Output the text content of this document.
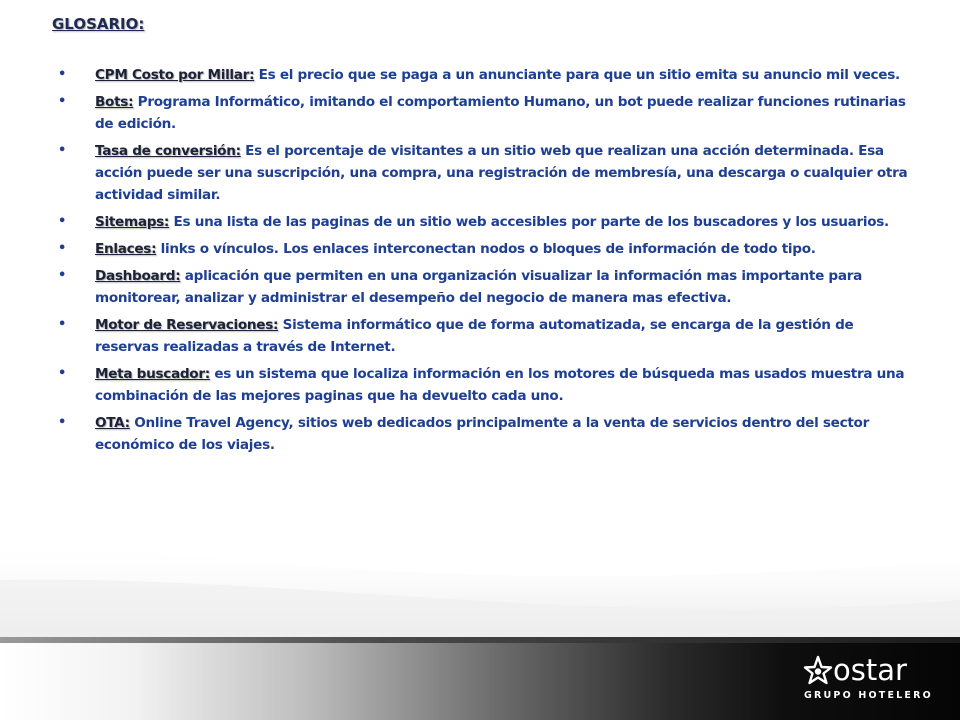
GLOSARIO:
• CPM Costo por Millar: Es el precio que se paga a un anunciante para que un sitio emita su anuncio mil veces.
• Bots: Programa Informático, imitando el comportamiento Humano, un bot puede realizar funciones rutinarias de edición.
• Tasa de conversión: Es el porcentaje de visitantes a un sitio web que realizan una acción determinada. Esa acción puede ser una suscripción, una compra, una registración de membresía, una descarga o cualquier otra actividad similar.
• Sitemaps: Es una lista de las paginas de un sitio web accesibles por parte de los buscadores y los usuarios.
• Enlaces: links o vínculos. Los enlaces interconectan nodos o bloques de información de todo tipo.
• Dashboard: aplicación que permiten en una organización visualizar la información mas importante para monitorear, analizar y administrar el desempeño del negocio de manera mas efectiva.
• Motor de Reservaciones: Sistema informático que de forma automatizada, se encarga de la gestión de reservas realizadas a través de Internet.
• Meta buscador: es un sistema que localiza información en los motores de búsqueda mas usados muestra una combinación de las mejores paginas que ha devuelto cada uno.
• OTA: Online Travel Agency, sitios web dedicados principalmente a la venta de servicios dentro del sector económico de los viajes.
ostar
GRUPO HOTELERO
